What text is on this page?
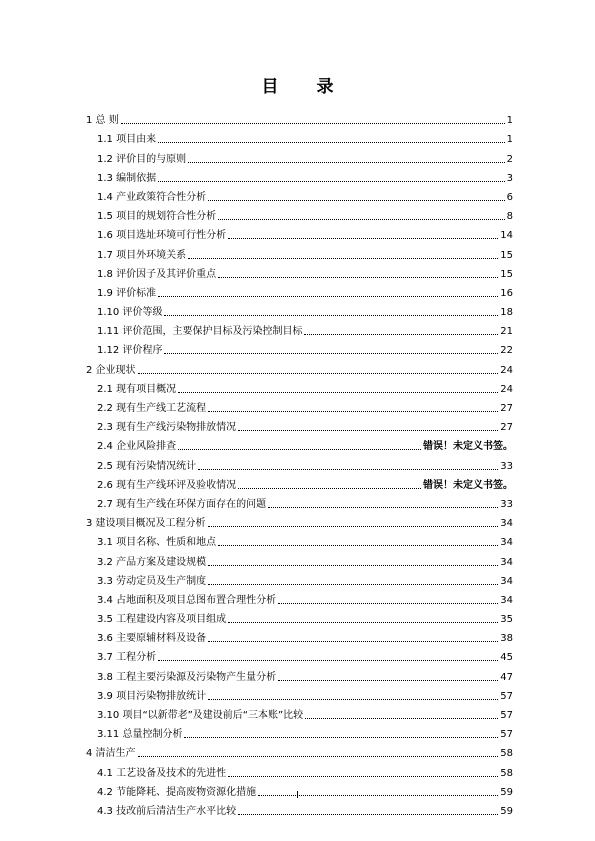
目 录
1 总 则	1
1.1 项目由来	1
1.2 评价目的与原则	2
1.3 编制依据	3
1.4 产业政策符合性分析	6
1.5 项目的规划符合性分析	8
1.6 项目选址环境可行性分析	14
1.7 项目外环境关系	15
1.8 评价因子及其评价重点	15
1.9 评价标准	16
1.10 评价等级	18
1.11 评价范围，主要保护目标及污染控制目标	21
1.12 评价程序	22
2 企业现状	24
2.1 现有项目概况	24
2.2 现有生产线工艺流程	27
2.3 现有生产线污染物排放情况	27
2.4 企业风险排查	错误！未定义书签。
2.5 现有污染情况统计	33
2.6 现有生产线环评及验收情况	错误！未定义书签。
2.7 现有生产线在环保方面存在的问题	33
3 建设项目概况及工程分析	34
3.1 项目名称、性质和地点	34
3.2 产品方案及建设规模	34
3.3 劳动定员及生产制度	34
3.4 占地面积及项目总图布置合理性分析	34
3.5 工程建设内容及项目组成	35
3.6 主要原辅材料及设备	38
3.7 工程分析	45
3.8 工程主要污染源及污染物产生量分析	47
3.9 项目污染物排放统计	57
3.10 项目“以新带老”及建设前后“三本账”比较	57
3.11 总量控制分析	57
4 清洁生产	58
4.1 工艺设备及技术的先进性	58
4.2 节能降耗、提高废物资源化措施	59
4.3 技改前后清洁生产水平比较	59
I
